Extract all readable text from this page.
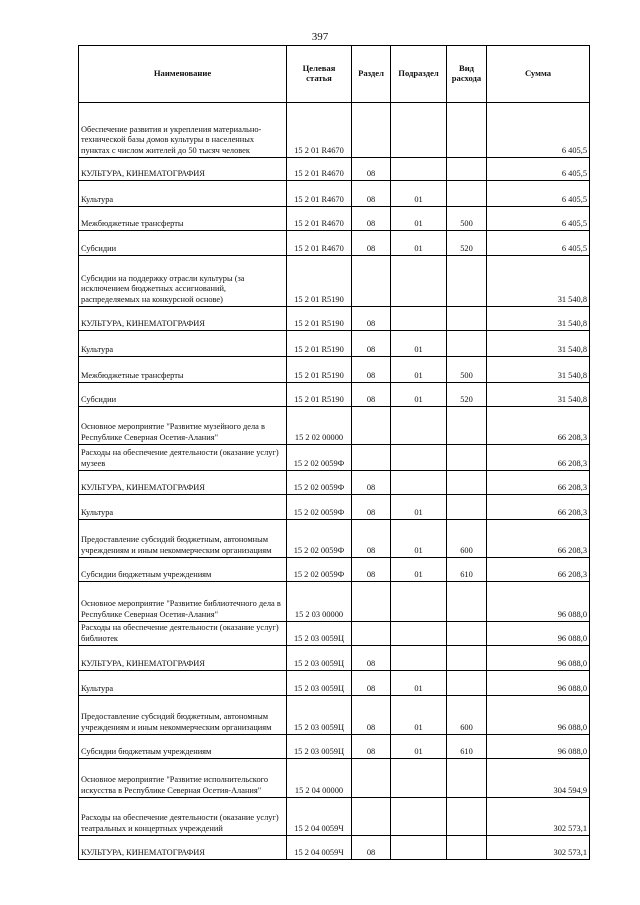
397
Наименование	Целевая статья	Раздел	Подраздел	Вид расхода	Сумма
Обеспечение развития и укрепления материально-технической базы домов культуры в населенных пунктах с числом жителей до 50 тысяч человек	15 2 01 R4670				6 405,5
КУЛЬТУРА, КИНЕМАТОГРАФИЯ	15 2 01 R4670	08			6 405,5
Культура	15 2 01 R4670	08	01		6 405,5
Межбюджетные трансферты	15 2 01 R4670	08	01	500	6 405,5
Субсидии	15 2 01 R4670	08	01	520	6 405,5
Субсидии на поддержку отрасли культуры (за исключением бюджетных ассигнований, распределяемых на конкурсной основе)	15 2 01 R5190				31 540,8
КУЛЬТУРА, КИНЕМАТОГРАФИЯ	15 2 01 R5190	08			31 540,8
Культура	15 2 01 R5190	08	01		31 540,8
Межбюджетные трансферты	15 2 01 R5190	08	01	500	31 540,8
Субсидии	15 2 01 R5190	08	01	520	31 540,8
Основное мероприятие "Развитие музейного дела в Республике Северная Осетия-Алания"	15 2 02 00000				66 208,3
Расходы на обеспечение деятельности (оказание услуг) музеев	15 2 02 0059Ф				66 208,3
КУЛЬТУРА, КИНЕМАТОГРАФИЯ	15 2 02 0059Ф	08			66 208,3
Культура	15 2 02 0059Ф	08	01		66 208,3
Предоставление субсидий бюджетным, автономным учреждениям и иным некоммерческим организациям	15 2 02 0059Ф	08	01	600	66 208,3
Субсидии бюджетным учреждениям	15 2 02 0059Ф	08	01	610	66 208,3
Основное мероприятие "Развитие библиотечного дела в Республике Северная Осетия-Алания"	15 2 03 00000				96 088,0
Расходы на обеспечение деятельности (оказание услуг) библиотек	15 2 03 0059Ц				96 088,0
КУЛЬТУРА, КИНЕМАТОГРАФИЯ	15 2 03 0059Ц	08			96 088,0
Культура	15 2 03 0059Ц	08	01		96 088,0
Предоставление субсидий бюджетным, автономным учреждениям и иным некоммерческим организациям	15 2 03 0059Ц	08	01	600	96 088,0
Субсидии бюджетным учреждениям	15 2 03 0059Ц	08	01	610	96 088,0
Основное мероприятие "Развитие исполнительского искусства в Республике Северная Осетия-Алания"	15 2 04 00000				304 594,9
Расходы на обеспечение деятельности (оказание услуг) театральных и концертных учреждений	15 2 04 0059Ч				302 573,1
КУЛЬТУРА, КИНЕМАТОГРАФИЯ	15 2 04 0059Ч	08			302 573,1
